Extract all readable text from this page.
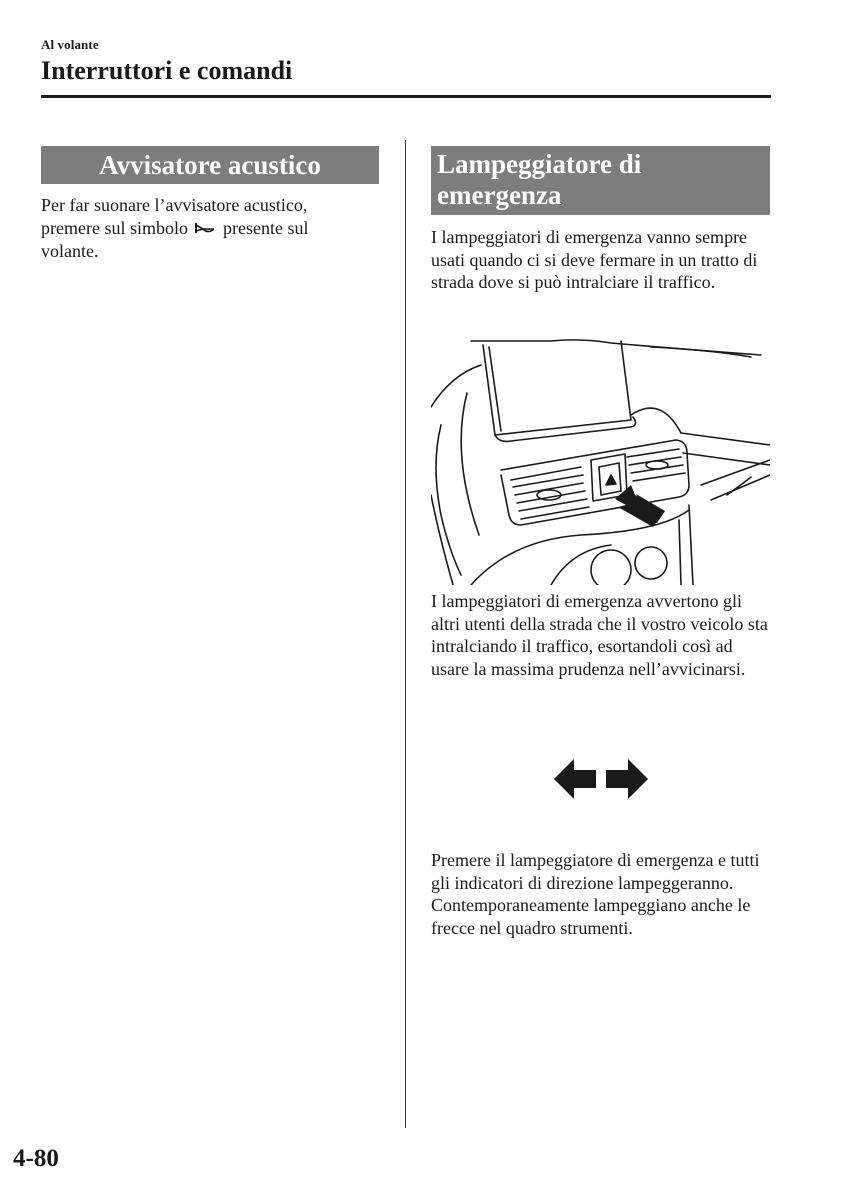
Al volante
Interruttori e comandi
Avvisatore acustico
Per far suonare l’avvisatore acustico, premere sul simbolo presente sul volante.
Lampeggiatore di emergenza
I lampeggiatori di emergenza vanno sempre usati quando ci si deve fermare in un tratto di strada dove si può intralciare il traffico.
I lampeggiatori di emergenza avvertono gli altri utenti della strada che il vostro veicolo sta intralciando il traffico, esortandoli così ad usare la massima prudenza nell’avvicinarsi.
Premere il lampeggiatore di emergenza e tutti gli indicatori di direzione lampeggeranno. Contemporaneamente lampeggiano anche le frecce nel quadro strumenti.
4-80
